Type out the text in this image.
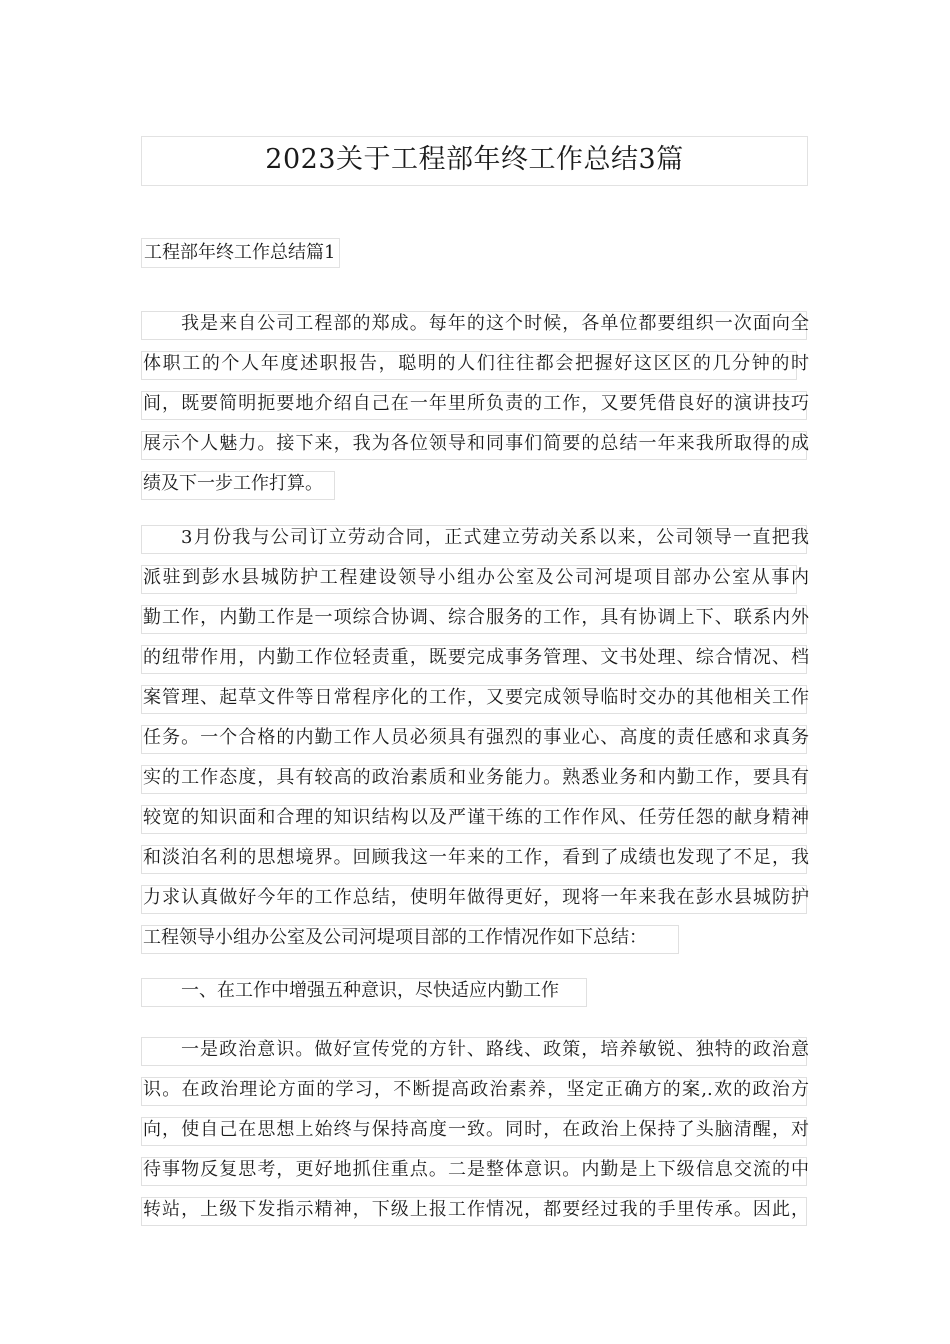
2023关于工程部年终工作总结3篇
工程部年终工作总结篇1
我是来自公司工程部的郑成。每年的这个时候，各单位都要组织一次面向全
体职工的个人年度述职报告，聪明的人们往往都会把握好这区区的几分钟的时
间，既要简明扼要地介绍自己在一年里所负责的工作，又要凭借良好的演讲技巧
展示个人魅力。接下来，我为各位领导和同事们简要的总结一年来我所取得的成
绩及下一步工作打算。
3月份我与公司订立劳动合同，正式建立劳动关系以来，公司领导一直把我
派驻到彭水县城防护工程建设领导小组办公室及公司河堤项目部办公室从事内
勤工作，内勤工作是一项综合协调、综合服务的工作，具有协调上下、联系内外
的纽带作用，内勤工作位轻责重，既要完成事务管理、文书处理、综合情况、档
案管理、起草文件等日常程序化的工作，又要完成领导临时交办的其他相关工作
任务。一个合格的内勤工作人员必须具有强烈的事业心、高度的责任感和求真务
实的工作态度，具有较高的政治素质和业务能力。熟悉业务和内勤工作，要具有
较宽的知识面和合理的知识结构以及严谨干练的工作作风、任劳任怨的献身精神
和淡泊名利的思想境界。回顾我这一年来的工作，看到了成绩也发现了不足，我
力求认真做好今年的工作总结，使明年做得更好，现将一年来我在彭水县城防护
工程领导小组办公室及公司河堤项目部的工作情况作如下总结：
一、在工作中增强五种意识，尽快适应内勤工作
一是政治意识。做好宣传党的方针、路线、政策，培养敏锐、独特的政治意
识。在政治理论方面的学习，不断提高政治素养，坚定正确方的案,.欢的政治方
向，使自己在思想上始终与保持高度一致。同时，在政治上保持了头脑清醒，对
待事物反复思考，更好地抓住重点。二是整体意识。内勤是上下级信息交流的中
转站，上级下发指示精神，下级上报工作情况，都要经过我的手里传承。因此，
